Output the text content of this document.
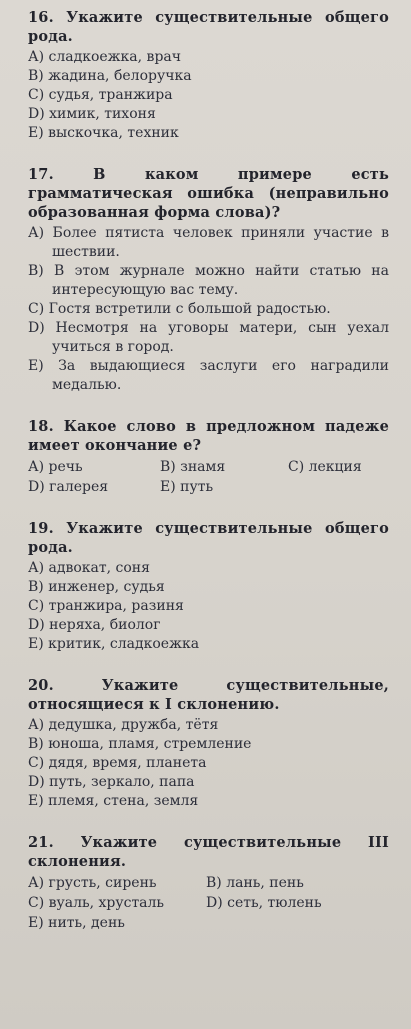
16. Укажите существительные общего рода.

А) сладкоежка, врач

В) жадина, белоручка

С) судья, транжира

D) химик, тихоня

Е) выскочка, техник

17. В каком примере есть грамматическая ошибка (неправильно образованная форма слова)?

А) Более пятиста человек приняли участие в шествии.

В) В этом журнале можно найти статью на интересующую вас тему.

С) Гостя встретили с большой радостью.

D) Несмотря на уговоры матери, сын уехал учиться в город.

Е) За выдающиеся заслуги его наградили медалью.

18. Какое слово в предложном падеже имеет окончание е?

А) речь	В) знамя	С) лекция
D) галерея	Е) путь

19. Укажите существительные общего рода.

А) адвокат, соня

В) инженер, судья

С) транжира, разиня

D) неряха, биолог

Е) критик, сладкоежка

20. Укажите существительные, относящиеся к I склонению.

А) дедушка, дружба, тётя

В) юноша, пламя, стремление

С) дядя, время, планета

D) путь, зеркало, папа

Е) племя, стена, земля

21. Укажите существительные III склонения.

А) грусть, сирень	В) лань, пень
С) вуаль, хрусталь	D) сеть, тюлень
Е) нить, день
